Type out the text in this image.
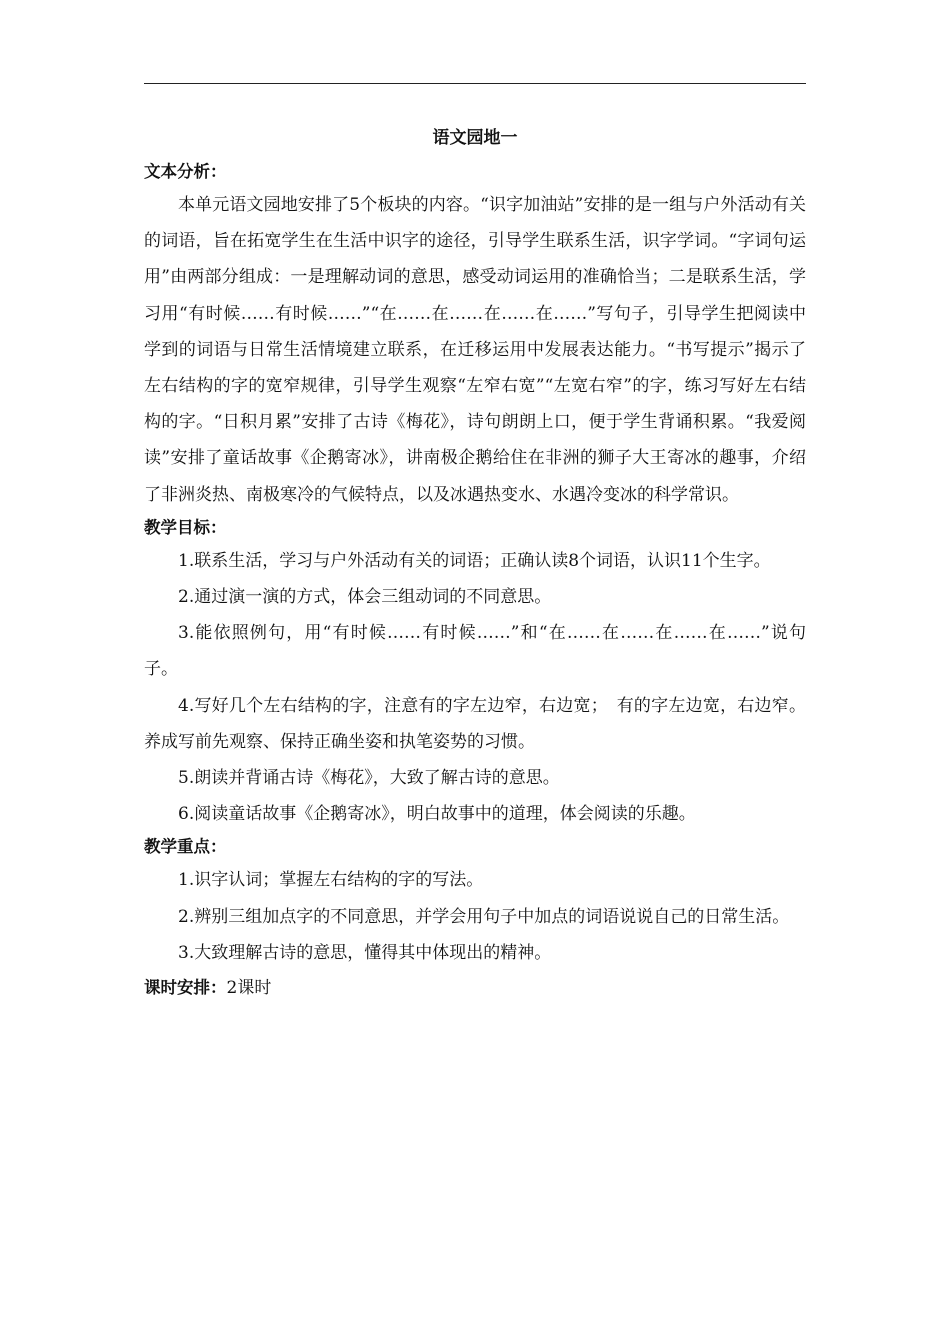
语文园地一
文本分析：

本单元语文园地安排了5个板块的内容。“识字加油站”安排的是一组与户外活动有关的词语，旨在拓宽学生在生活中识字的途径，引导学生联系生活，识字学词。“字词句运用”由两部分组成：一是理解动词的意思，感受动词运用的准确恰当；二是联系生活，学习用“有时候……有时候……”“在……在……在……在……”写句子，引导学生把阅读中学到的词语与日常生活情境建立联系，在迁移运用中发展表达能力。“书写提示”揭示了左右结构的字的宽窄规律，引导学生观察“左窄右宽”“左宽右窄”的字，练习写好左右结构的字。“日积月累”安排了古诗《梅花》，诗句朗朗上口，便于学生背诵积累。“我爱阅读”安排了童话故事《企鹅寄冰》，讲南极企鹅给住在非洲的狮子大王寄冰的趣事，介绍了非洲炎热、南极寒冷的气候特点，以及冰遇热变水、水遇冷变冰的科学常识。

教学目标：

1.联系生活，学习与户外活动有关的词语；正确认读8个词语，认识11个生字。

2.通过演一演的方式，体会三组动词的不同意思。

3.能依照例句，用“有时候……有时候……”和“在……在……在……在……”说句子。

4.写好几个左右结构的字，注意有的字左边窄，右边宽；　有的字左边宽，右边窄。养成写前先观察、保持正确坐姿和执笔姿势的习惯。

5.朗读并背诵古诗《梅花》，大致了解古诗的意思。

6.阅读童话故事《企鹅寄冰》，明白故事中的道理，体会阅读的乐趣。

教学重点：

1.识字认词；掌握左右结构的字的写法。

2.辨别三组加点字的不同意思，并学会用句子中加点的词语说说自己的日常生活。

3.大致理解古诗的意思，懂得其中体现出的精神。

课时安排：2课时
